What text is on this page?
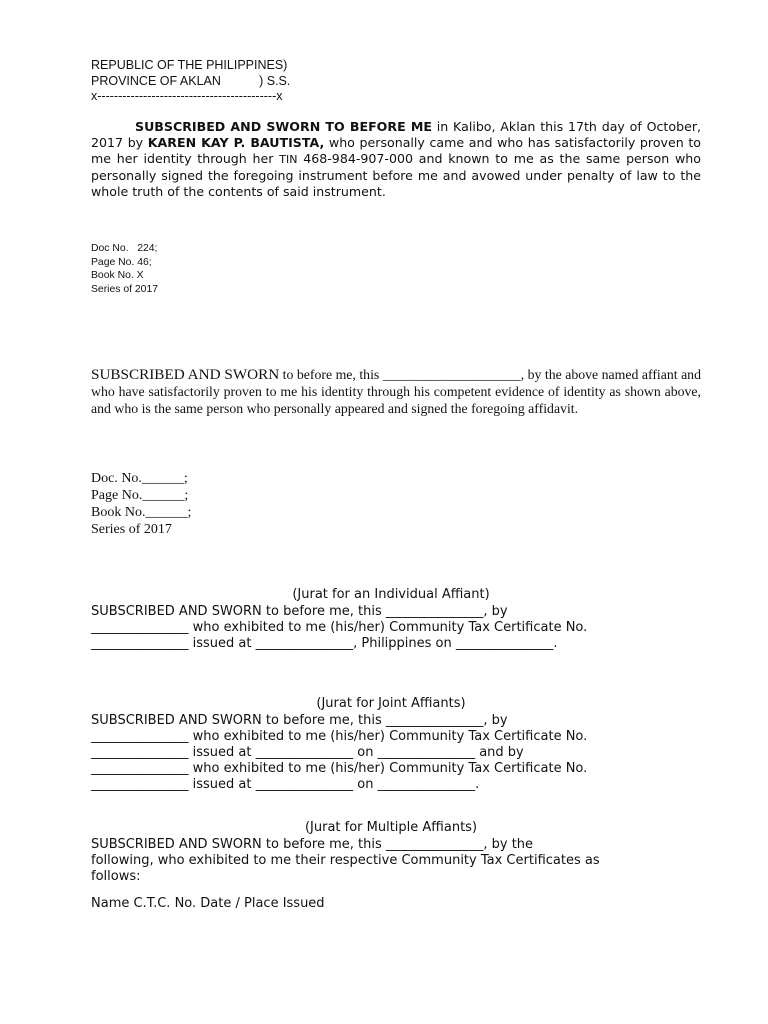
REPUBLIC OF THE PHILIPPINES)
PROVINCE OF AKLAN           ) S.S.
x-------------------------------------------x
SUBSCRIBED AND SWORN TO BEFORE ME in Kalibo, Aklan this 17th day of October, 2017 by KAREN KAY P. BAUTISTA, who personally came and who has satisfactorily proven to me her identity through her TIN 468-984-907-000 and known to me as the same person who personally signed the foregoing instrument before me and avowed under penalty of law to the whole truth of the contents of said instrument.
Doc No.   224;
Page No. 46;
Book No. X
Series of 2017
SUBSCRIBED AND SWORN to before me, this ____________________, by the above named affiant and who have satisfactorily proven to me his identity through his competent evidence of identity as shown above, and who is the same person who personally appeared and signed the foregoing affidavit.
Doc. No.______;
Page No.______;
Book No.______;
Series of 2017
(Jurat for an Individual Affiant)
SUBSCRIBED AND SWORN to before me, this _______________, by
_______________ who exhibited to me (his/her) Community Tax Certificate No.
_______________ issued at _______________, Philippines on _______________.
(Jurat for Joint Affiants)
SUBSCRIBED AND SWORN to before me, this _______________, by
_______________ who exhibited to me (his/her) Community Tax Certificate No.
_______________ issued at _______________ on _______________ and by
_______________ who exhibited to me (his/her) Community Tax Certificate No.
_______________ issued at _______________ on _______________.
(Jurat for Multiple Affiants)
SUBSCRIBED AND SWORN to before me, this _______________, by the
following, who exhibited to me their respective Community Tax Certificates as
follows:
Name C.T.C. No. Date / Place Issued
